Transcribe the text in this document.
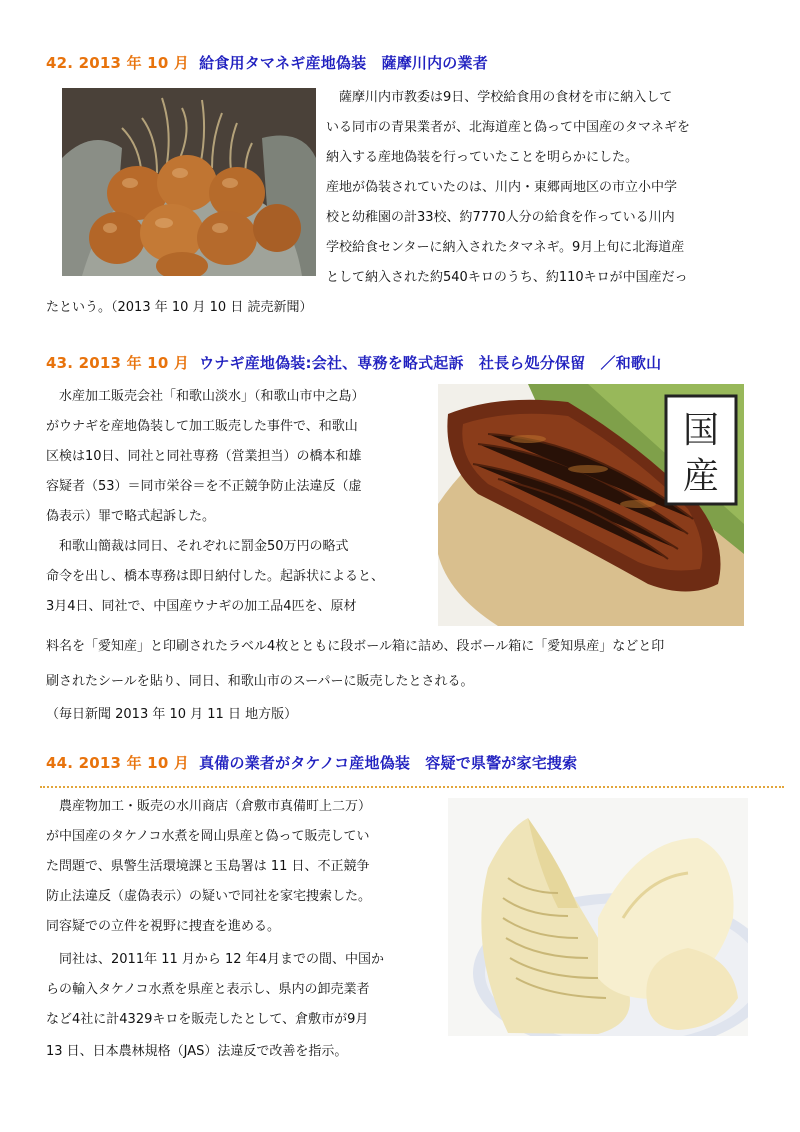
42. 2013 年 10 月 給食用タマネギ産地偽装　薩摩川内の業者
　薩摩川内市教委は9日、学校給食用の食材を市に納入して
いる同市の青果業者が、北海道産と偽って中国産のタマネギを
納入する産地偽装を行っていたことを明らかにした。
産地が偽装されていたのは、川内・東郷両地区の市立小中学
校と幼稚園の計33校、約7770人分の給食を作っている川内
学校給食センターに納入されたタマネギ。9月上旬に北海道産
として納入された約540キロのうち、約110キロが中国産だっ
たという。（2013 年 10 月 10 日 読売新聞）
43. 2013 年 10 月 ウナギ産地偽装:会社、専務を略式起訴　社長ら処分保留　／和歌山
国
産
　水産加工販売会社「和歌山淡水」（和歌山市中之島）
がウナギを産地偽装して加工販売した事件で、和歌山
区検は10日、同社と同社専務（営業担当）の橋本和雄
容疑者（53）＝同市栄谷＝を不正競争防止法違反（虚
偽表示）罪で略式起訴した。
　和歌山簡裁は同日、それぞれに罰金50万円の略式
命令を出し、橋本専務は即日納付した。起訴状によると、
3月4日、同社で、中国産ウナギの加工品4匹を、原材
料名を「愛知産」と印刷されたラベル4枚とともに段ボール箱に詰め、段ボール箱に「愛知県産」などと印
刷されたシールを貼り、同日、和歌山市のスーパーに販売したとされる。
（毎日新聞 2013 年 10 月 11 日 地方版）
44. 2013 年 10 月 真備の業者がタケノコ産地偽装　容疑で県警が家宅捜索
　農産物加工・販売の水川商店（倉敷市真備町上二万）
が中国産のタケノコ水煮を岡山県産と偽って販売してい
た問題で、県警生活環境課と玉島署は 11 日、不正競争
防止法違反（虚偽表示）の疑いで同社を家宅捜索した。
同容疑での立件を視野に捜査を進める。
　同社は、2011年 11 月から 12 年4月までの間、中国か
らの輸入タケノコ水煮を県産と表示し、県内の卸売業者
など4社に計4329キロを販売したとして、倉敷市が9月
13 日、日本農林規格（JAS）法違反で改善を指示。
